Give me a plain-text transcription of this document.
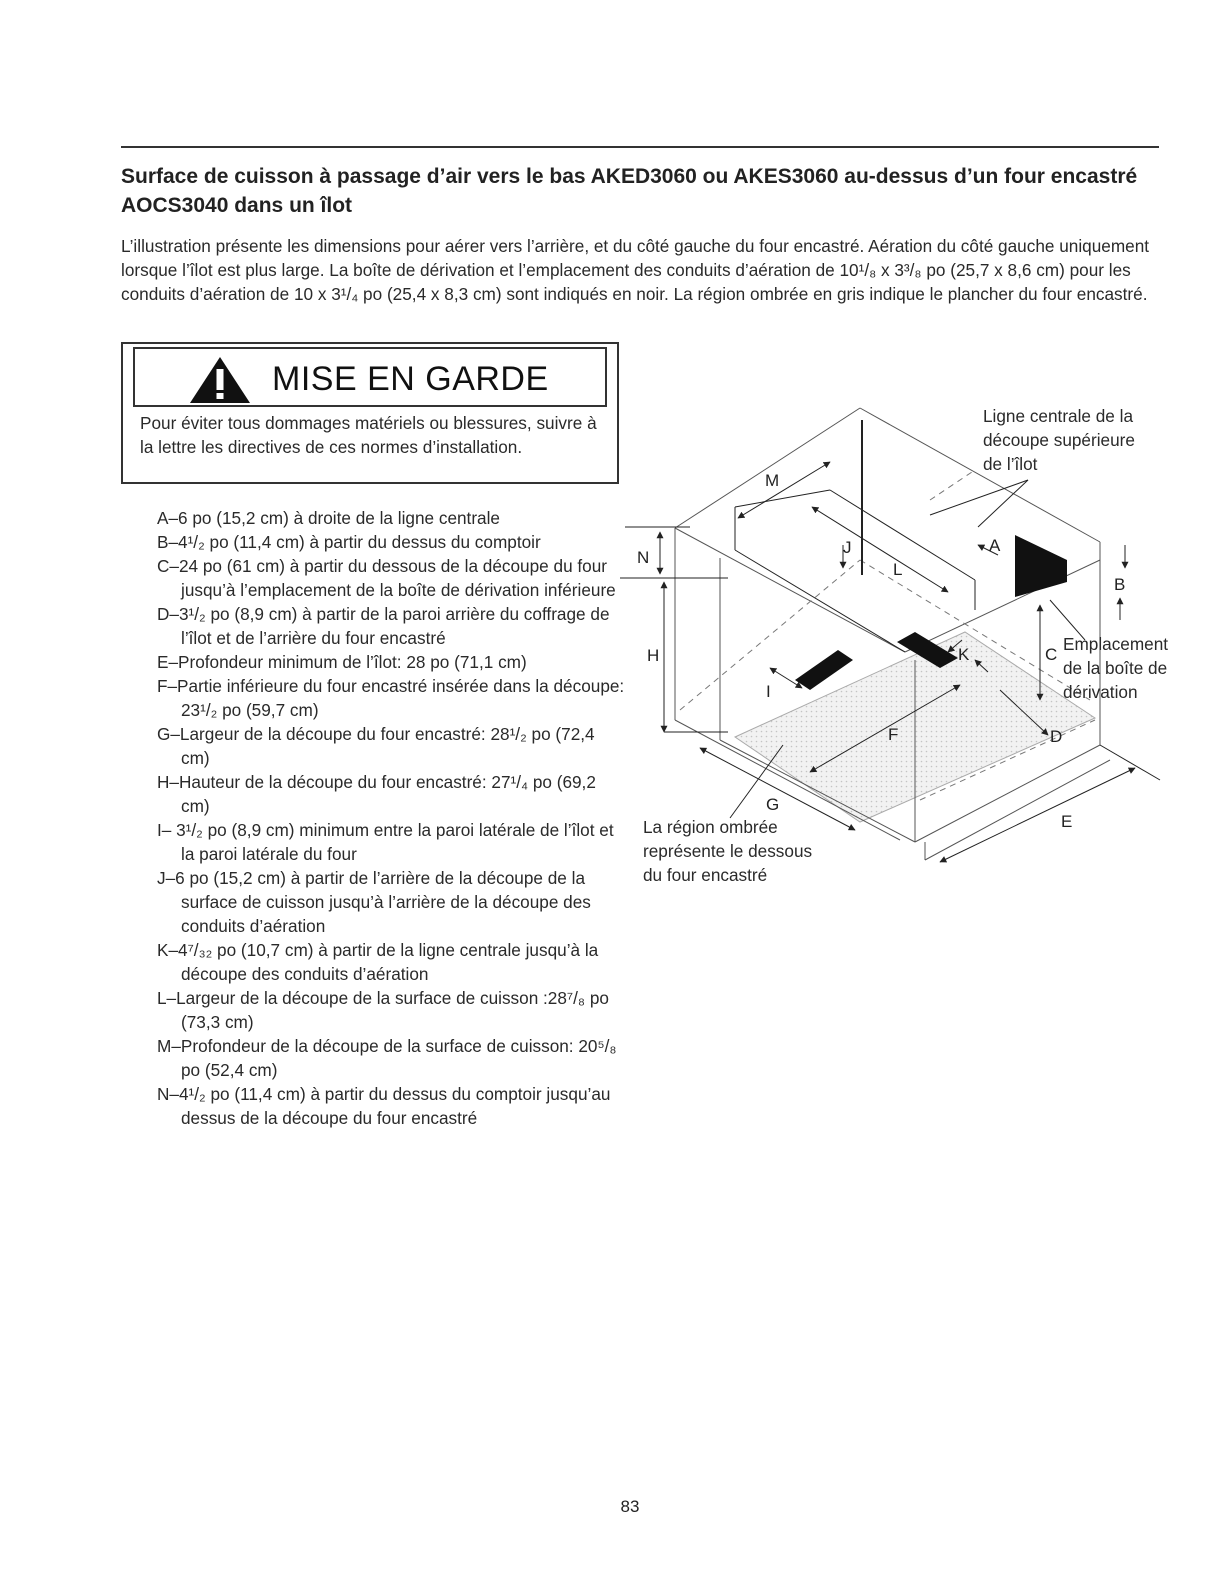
Surface de cuisson à passage d’air vers le bas AKED3060 ou AKES3060 au-dessus d’un four encastré AOCS3040 dans un îlot

L’illustration présente les dimensions pour aérer vers l’arrière, et du côté gauche du four encastré. Aération du côté gauche uniquement lorsque l’îlot est plus large. La boîte de dérivation et l’emplacement des conduits d’aération de 10¹/₈ x 3³/₈ po (25,7 x 8,6 cm) pour les conduits d’aération de 10 x 3¹/₄ po (25,4 x 8,3 cm) sont indiqués en noir. La région ombrée en gris indique le plancher du four encastré.

MISE EN GARDE

Pour éviter tous dommages matériels ou blessures, suivre à la lettre les directives de ces normes d’installation.

A–6 po (15,2 cm) à droite de la ligne centrale
B–4¹/₂ po (11,4 cm) à partir du dessus du comptoir
C–24 po (61 cm) à partir du dessous de la découpe du four jusqu’à l’emplacement de la boîte de dérivation inférieure
D–3¹/₂ po (8,9 cm) à partir de la paroi arrière du coffrage de l’îlot et de l’arrière du four encastré
E–Profondeur minimum de l’îlot: 28 po (71,1 cm)
F–Partie inférieure du four encastré insérée dans la découpe: 23¹/₂ po (59,7 cm)
G–Largeur de la découpe du four encastré: 28¹/₂ po (72,4 cm)
H–Hauteur de la découpe du four encastré: 27¹/₄ po (69,2 cm)
I– 3¹/₂ po (8,9 cm) minimum entre la paroi latérale de l’îlot et la paroi latérale du four
J–6 po (15,2 cm) à partir de l’arrière de la découpe de la surface de cuisson jusqu’à l’arrière de la découpe des conduits d’aération
K–4⁷/₃₂ po (10,7 cm) à partir de la ligne centrale jusqu’à la découpe des conduits d’aération
L–Largeur de la découpe de la surface de cuisson :28⁷/₈ po (73,3 cm)
M–Profondeur de la découpe de la surface de cuisson: 20⁵/₈ po (52,4 cm)
N–4¹/₂ po (11,4 cm) à partir du dessus du comptoir jusqu’au dessus de la découpe du four encastré
A
B
C
D
E
F
G
H
I
J
K
L
M
N
Ligne centrale de la
découpe supérieure
de l’îlot
Emplacement
de la boîte de
dérivation
La région ombrée
représente le dessous
du four encastré
83
